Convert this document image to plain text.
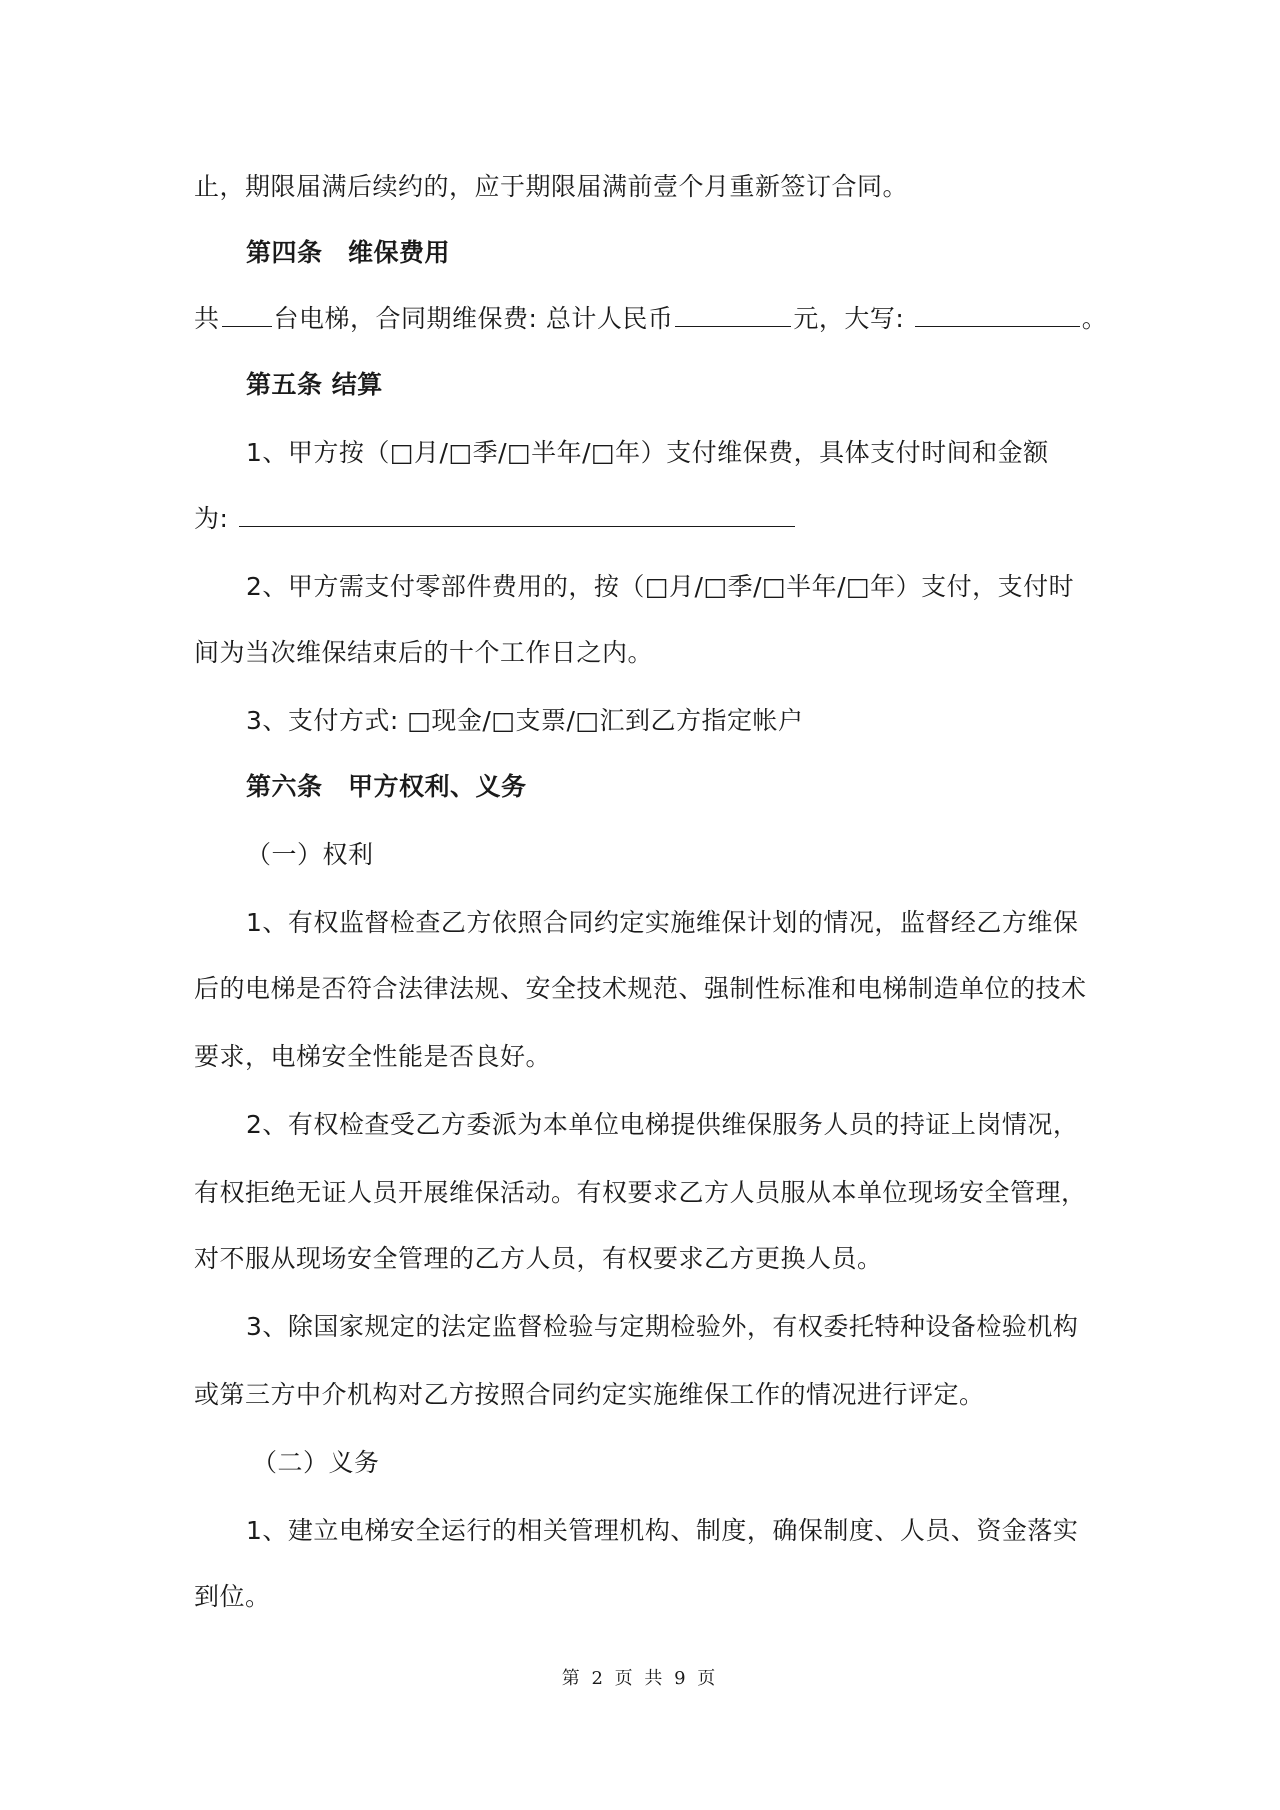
止，期限届满后续约的，应于期限届满前壹个月重新签订合同。
第四条　维保费用
共 台电梯，合同期维保费: 总计人民币	元，大写:	。
第五条 结算
1、甲方按（□月/□季/□半年/□年）支付维保费，具体支付时间和金额
为:
2、甲方需支付零部件费用的，按（□月/□季/□半年/□年）支付，支付时
间为当次维保结束后的十个工作日之内。
3、支付方式: □现金/□支票/□汇到乙方指定帐户
第六条　甲方权利、义务
（一）权利
1、有权监督检查乙方依照合同约定实施维保计划的情况，监督经乙方维保
后的电梯是否符合法律法规、安全技术规范、强制性标准和电梯制造单位的技术
要求，电梯安全性能是否良好。
2、有权检查受乙方委派为本单位电梯提供维保服务人员的持证上岗情况，
有权拒绝无证人员开展维保活动。有权要求乙方人员服从本单位现场安全管理，
对不服从现场安全管理的乙方人员，有权要求乙方更换人员。
3、除国家规定的法定监督检验与定期检验外，有权委托特种设备检验机构
或第三方中介机构对乙方按照合同约定实施维保工作的情况进行评定。
（二）义务
1、建立电梯安全运行的相关管理机构、制度，确保制度、人员、资金落实
到位。
第 2 页 共 9 页
